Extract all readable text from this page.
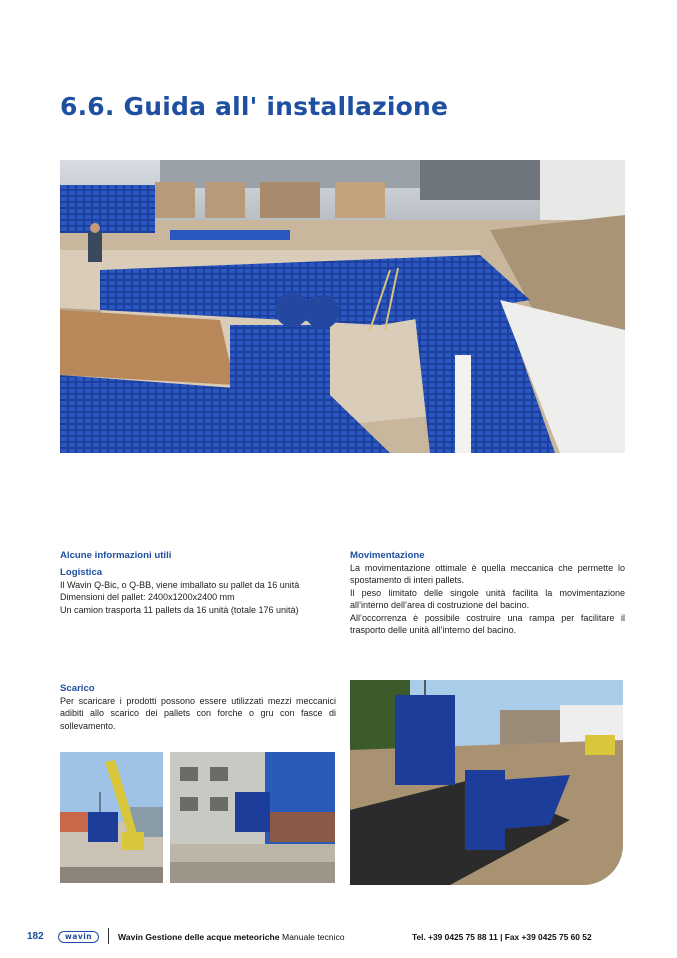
6.6. Guida all' installazione
Alcune informazioni utili
Logistica

Il Wavin Q-Bic, o Q-BB, viene imballato su pallet da 16 unità

Dimensioni del pallet: 2400x1200x2400 mm

Un camion trasporta 11 pallets da 16 unità (totale 176 unità)

Movimentazione

La movimentazione ottimale è quella meccanica che permette lo spostamento di interi pallets.

Il peso limitato delle singole unità facilita la movimentazione all’interno dell’area di costruzione del bacino.

All’occorrenza è possibile costruire una rampa per facilitare il trasporto delle unità all’interno del bacino.

Scarico

Per scaricare i prodotti possono essere utilizzati mezzi meccanici adibiti allo scarico dei pallets con forche o gru con fasce di sollevamento.

182	wavin	Wavin Gestione delle acque meteoriche Manuale tecnico	Tel. +39 0425 75 88 11 | Fax +39 0425 75 60 52
